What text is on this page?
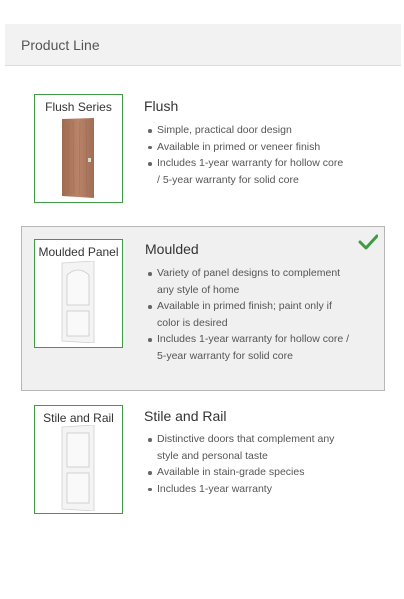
Product Line
Flush Series	Flush
Simple, practical door design
Available in primed or veneer finish
Includes 1-year warranty for hollow core / 5-year warranty for solid core
Moulded Panel Moulded
Variety of panel designs to complement any style of home
Available in primed finish; paint only if color is desired
Includes 1-year warranty for hollow core / 5-year warranty for solid core
Stile and Rail	Stile and Rail
Distinctive doors that complement any style and personal taste
Available in stain-grade species
Includes 1-year warranty
